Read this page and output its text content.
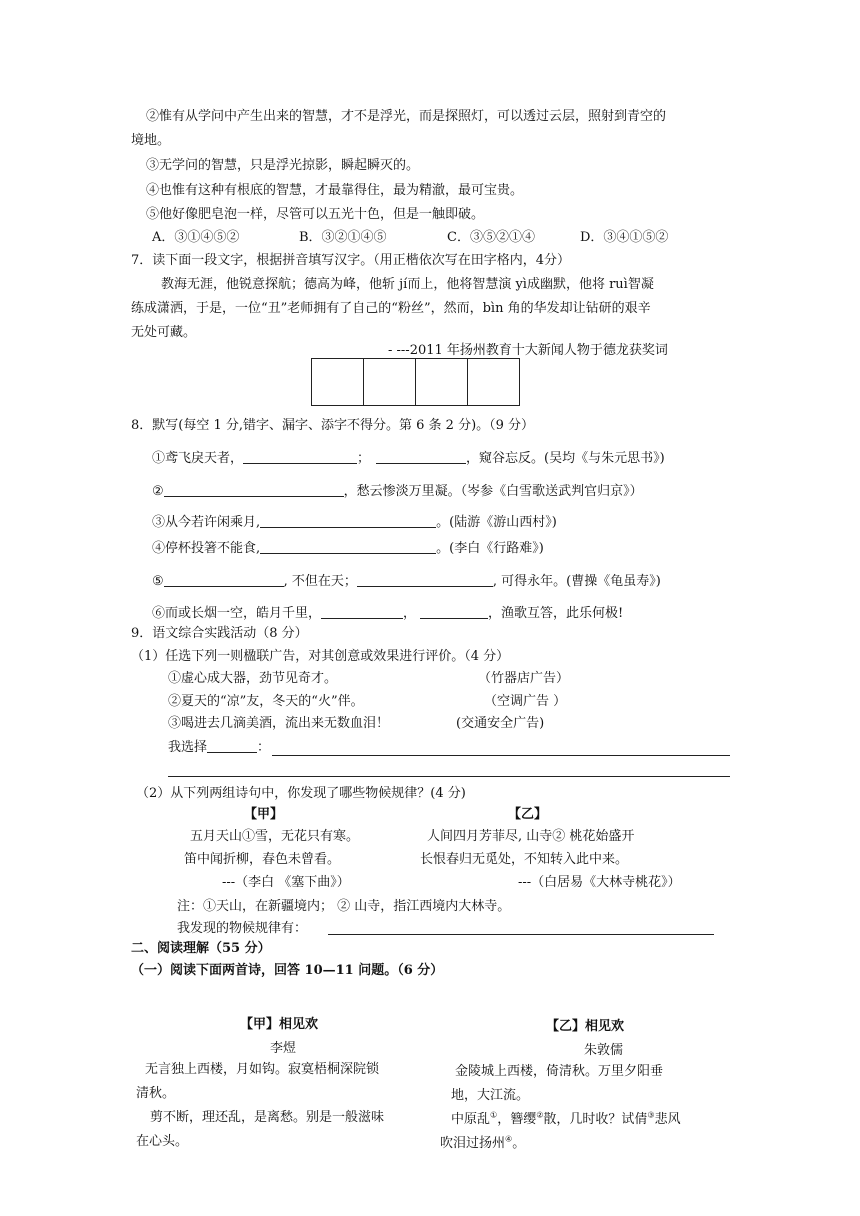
②惟有从学问中产生出来的智慧，才不是浮光，而是探照灯，可以透过云层，照射到青空的
境地。
③无学问的智慧，只是浮光掠影，瞬起瞬灭的。
④也惟有这种有根底的智慧，才最靠得住，最为精澈，最可宝贵。
⑤他好像肥皂泡一样，尽管可以五光十色，但是一触即破。
A．③①④⑤②	B．③②①④⑤	C．③⑤②①④	D．③④①⑤②
7．读下面一段文字，根据拼音填写汉字。（用正楷依次写在田字格内，4分）
教海无涯，他锐意探航；德高为峰，他斩 jí而上，他将智慧演 yì成幽默，他将 ruì智凝
练成潇洒，于是，一位“丑”老师拥有了自己的“粉丝”，然而，bìn 角的华发却让钻研的艰辛
无处可藏。
- ---2011 年扬州教育十大新闻人物于德龙获奖词
8．默写(每空 1 分,错字、漏字、添字不得分。第 6 条 2 分)。（9 分）
①鸢飞戾天者，	；	，窥谷忘反。(吴均《与朱元思书》)
②	，愁云惨淡万里凝。（岑参《白雪歌送武判官归京》）
③从今若许闲乘月,	。(陆游《游山西村》)
④停杯投箸不能食,	。(李白《行路难》)
⑤	, 不但在天；	, 可得永年。(曹操《龟虽寿》)
⑥而或长烟一空，皓月千里，	，	，渔歌互答，此乐何极!
9．语文综合实践活动（8 分）
（1）任选下列一则楹联广告，对其创意或效果进行评价。（4 分）
①虚心成大器，劲节见奇才。	（竹器店广告）
②夏天的“凉”友，冬天的“火”伴。	（空调广告 ）
③喝进去几滴美酒，流出来无数血泪！	(交通安全广告)
我选择	：
（2）从下列两组诗句中，你发现了哪些物候规律？(4 分)
【甲】	【乙】
五月天山①雪，无花只有寒。	人间四月芳菲尽, 山寺② 桃花始盛开
笛中闻折柳，春色未曾看。	长恨春归无觅处，不知转入此中来。
---（李白 《塞下曲》）	---（白居易《大林寺桃花》）
注：①天山，在新疆境内； ② 山寺，指江西境内大林寺。
我发现的物候规律有：
二、阅读理解（55 分）
（一）阅读下面两首诗，回答 10—11 问题。（6 分）
【甲】相见欢
李煜
无言独上西楼，月如钩。寂寞梧桐深院锁
清秋。
剪不断，理还乱，是离愁。别是一般滋味
在心头。
【乙】相见欢
朱敦儒
金陵城上西楼，倚清秋。万里夕阳垂
地，大江流。
中原乱①，簪缨②散，几时收？试倩③悲风
吹泪过扬州④。
